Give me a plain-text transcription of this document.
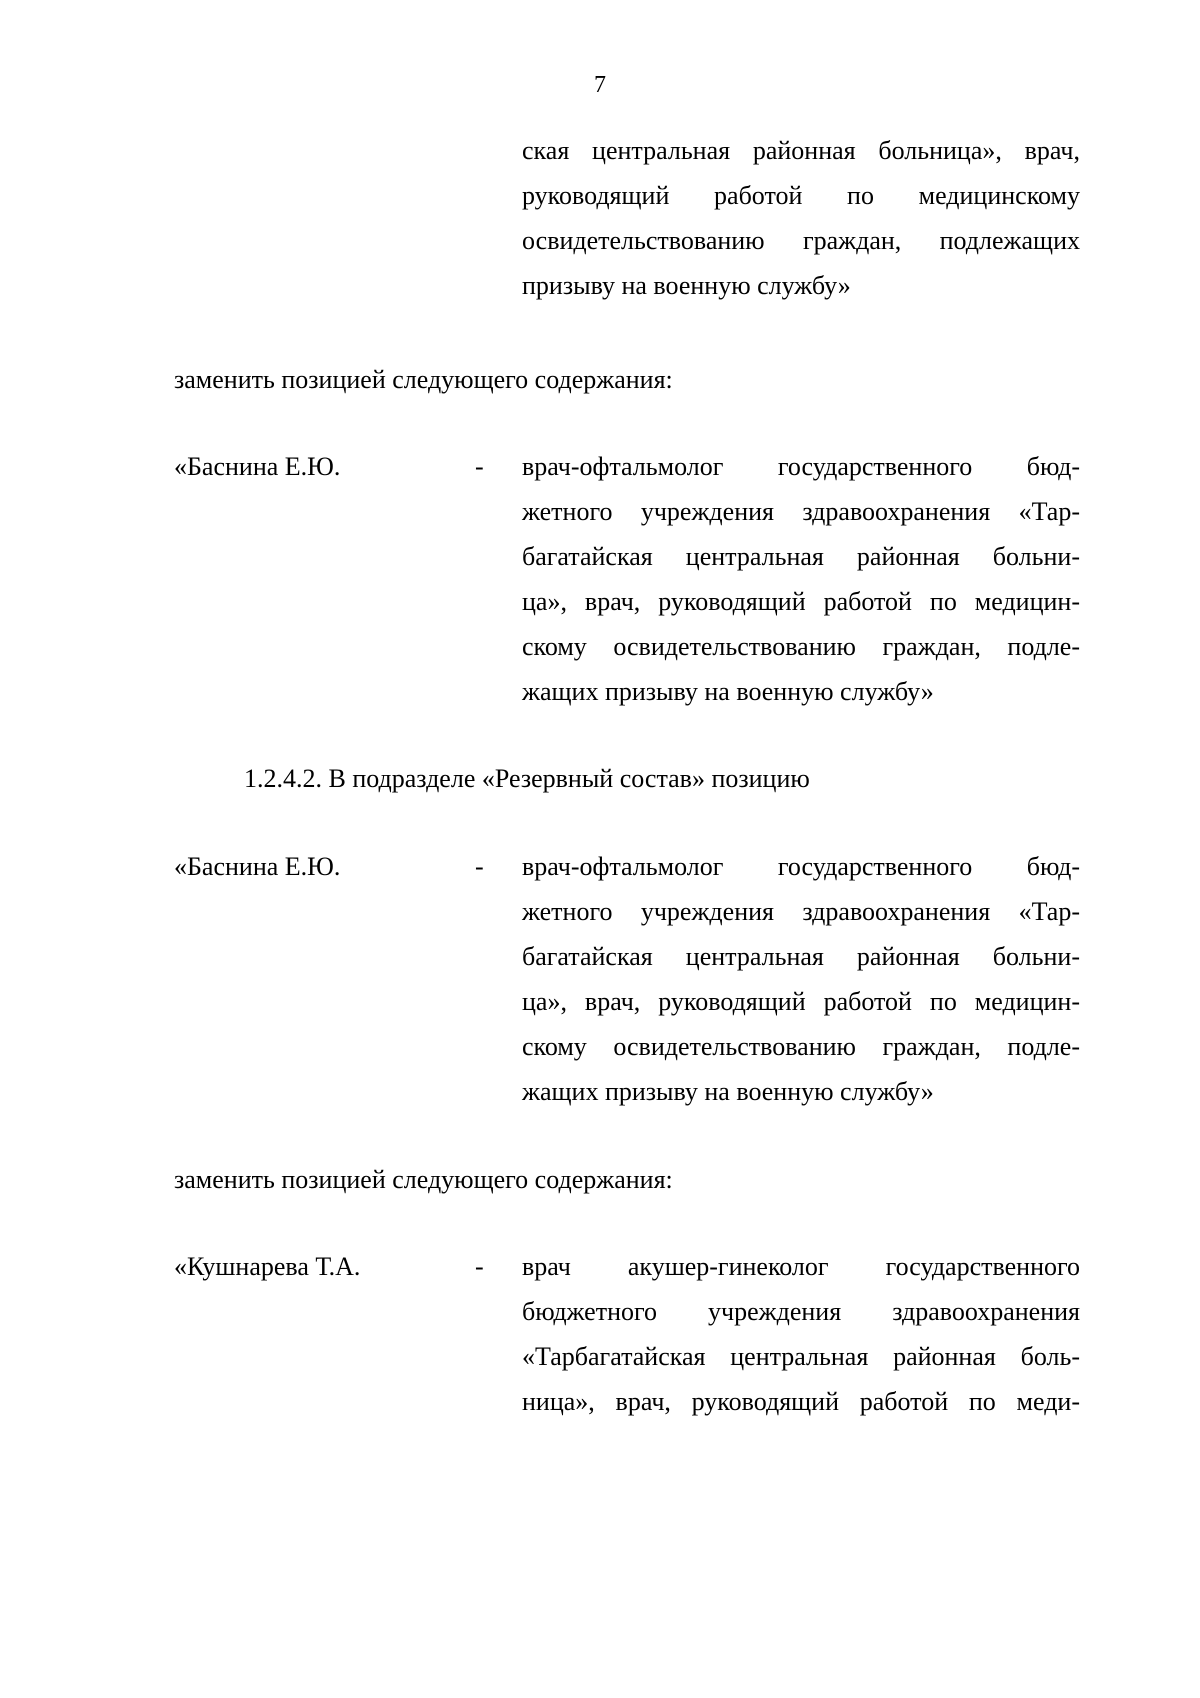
7
ская центральная районная больница», врач,
руководящий работой по медицинскому
освидетельствованию граждан, подлежащих
призыву на военную службу»
заменить позицией следующего содержания:
«Баснина Е.Ю.	- врач-офтальмолог государственного бюд-
жетного учреждения здравоохранения «Тар-
багатайская центральная районная больни-
ца», врач, руководящий работой по медицин-
скому освидетельствованию граждан, подле-
жащих призыву на военную службу»
1.2.4.2. В подразделе «Резервный состав» позицию
«Баснина Е.Ю.	- врач-офтальмолог государственного бюд-
жетного учреждения здравоохранения «Тар-
багатайская центральная районная больни-
ца», врач, руководящий работой по медицин-
скому освидетельствованию граждан, подле-
жащих призыву на военную службу»
заменить позицией следующего содержания:
«Кушнарева Т.А.	- врач акушер-гинеколог государственного
бюджетного учреждения здравоохранения
«Тарбагатайская центральная районная боль-
ница», врач, руководящий работой по меди-
